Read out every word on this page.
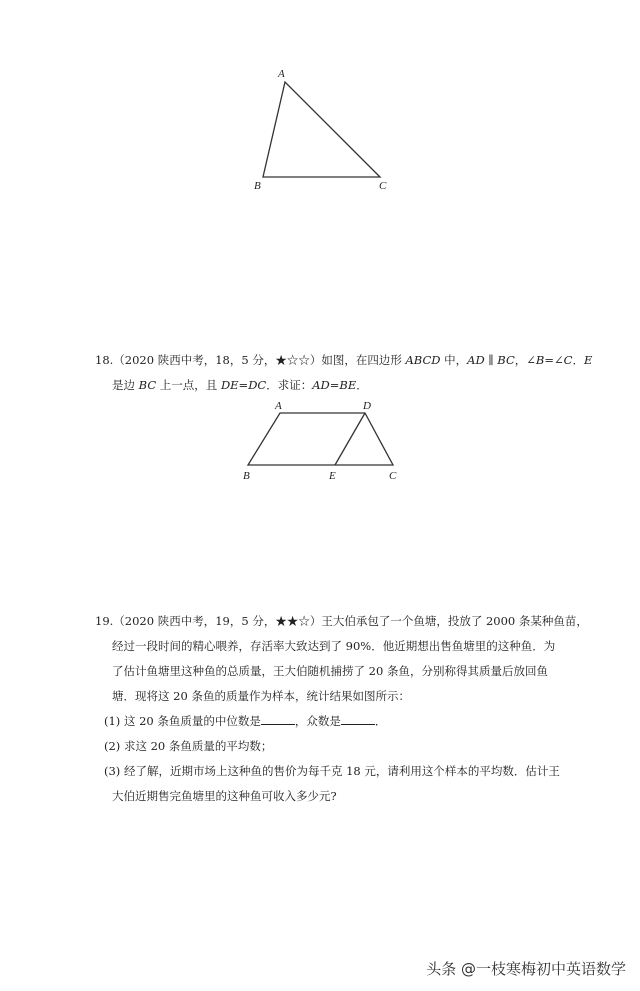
A
B	C
18.（2020 陕西中考，18，5 分，★☆☆）如图，在四边形 ABCD 中，AD ∥ BC，∠B=∠C．E
是边 BC 上一点，且 DE=DC．求证：AD=BE．
A	D
B	E	C
19.（2020 陕西中考，19，5 分，★★☆）王大伯承包了一个鱼塘，投放了 2000 条某种鱼苗，
经过一段时间的精心喂养，存活率大致达到了 90%．他近期想出售鱼塘里的这种鱼．为
了估计鱼塘里这种鱼的总质量，王大伯随机捕捞了 20 条鱼，分别称得其质量后放回鱼
塘．现将这 20 条鱼的质量作为样本，统计结果如图所示：
(1) 这 20 条鱼质量的中位数是	，众数是	．
(2) 求这 20 条鱼质量的平均数；
(3) 经了解，近期市场上这种鱼的售价为每千克 18 元，请利用这个样本的平均数．估计王
大伯近期售完鱼塘里的这种鱼可收入多少元?
头条 @一枝寒梅初中英语数学
